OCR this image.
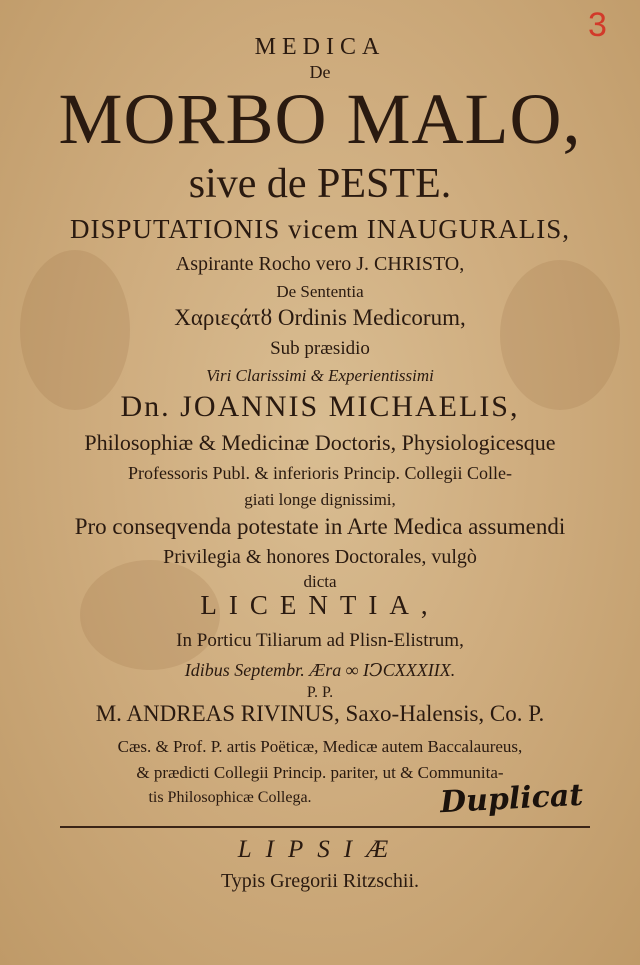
3
MEDICA
De
MORBO MALO,
sive de PESTE.
DISPUTATIONIS vicem INAUGURALIS,
Aspirante Rocho vero J. CHRISTO,
De Sententia
Χαριεςάτȣ Ordinis Medicorum,
Sub præsidio
Viri Clarissimi & Experientissimi
Dn. JOANNIS MICHAELIS,
Philosophiæ & Medicinæ Doctoris, Physiologicesque
Professoris Publ. & inferioris Princip. Collegii Colle-
giati longe dignissimi,
Pro conseqvenda potestate in Arte Medica assumendi
Privilegia & honores Doctorales, vulgò
dicta
LICENTIA,
In Porticu Tiliarum ad Plisn-Elistrum,
Idibus Septembr. Æra ∞ IↃCXXXIIX.
P. P.
M. ANDREAS RIVINUS, Saxo-Halensis, Co. P.
Cæs. & Prof. P. artis Poëticæ, Medicæ autem Baccalaureus,
& prædicti Collegii Princip. pariter, ut & Communita-
tis Philosophicæ Collega.	Duplicat
LIPSIÆ
Typis Gregorii Ritzschii.
